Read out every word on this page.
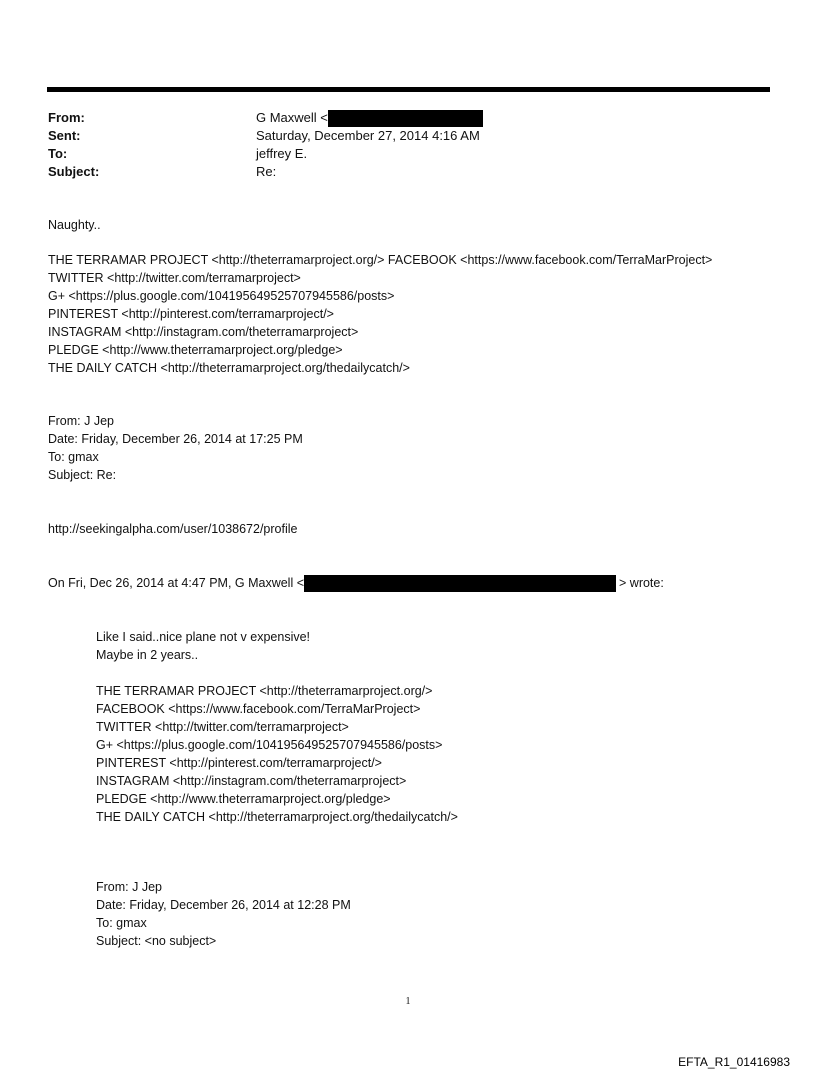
From:	G Maxwell <
Sent:	Saturday, December 27, 2014 4:16 AM
To:	jeffrey E.
Subject:	Re:
Naughty..
THE TERRAMAR PROJECT <http://theterramarproject.org/> FACEBOOK <https://www.facebook.com/TerraMarProject>
TWITTER <http://twitter.com/terramarproject>
G+ <https://plus.google.com/104195649525707945586/posts>
PINTEREST <http://pinterest.com/terramarproject/>
INSTAGRAM <http://instagram.com/theterramarproject>
PLEDGE <http://www.theterramarproject.org/pledge>
THE DAILY CATCH <http://theterramarproject.org/thedailycatch/>
From: J Jep
Date: Friday, December 26, 2014 at 17:25 PM
To: gmax
Subject: Re:
http://seekingalpha.com/user/1038672/profile
On Fri, Dec 26, 2014 at 4:47 PM, G Maxwell <	> wrote:
Like I said..nice plane not v expensive!
Maybe in 2 years..
THE TERRAMAR PROJECT <http://theterramarproject.org/>
FACEBOOK <https://www.facebook.com/TerraMarProject>
TWITTER <http://twitter.com/terramarproject>
G+ <https://plus.google.com/104195649525707945586/posts>
PINTEREST <http://pinterest.com/terramarproject/>
INSTAGRAM <http://instagram.com/theterramarproject>
PLEDGE <http://www.theterramarproject.org/pledge>
THE DAILY CATCH <http://theterramarproject.org/thedailycatch/>
From: J Jep
Date: Friday, December 26, 2014 at 12:28 PM
To: gmax
Subject: <no subject>
1
EFTA_R1_01416983
